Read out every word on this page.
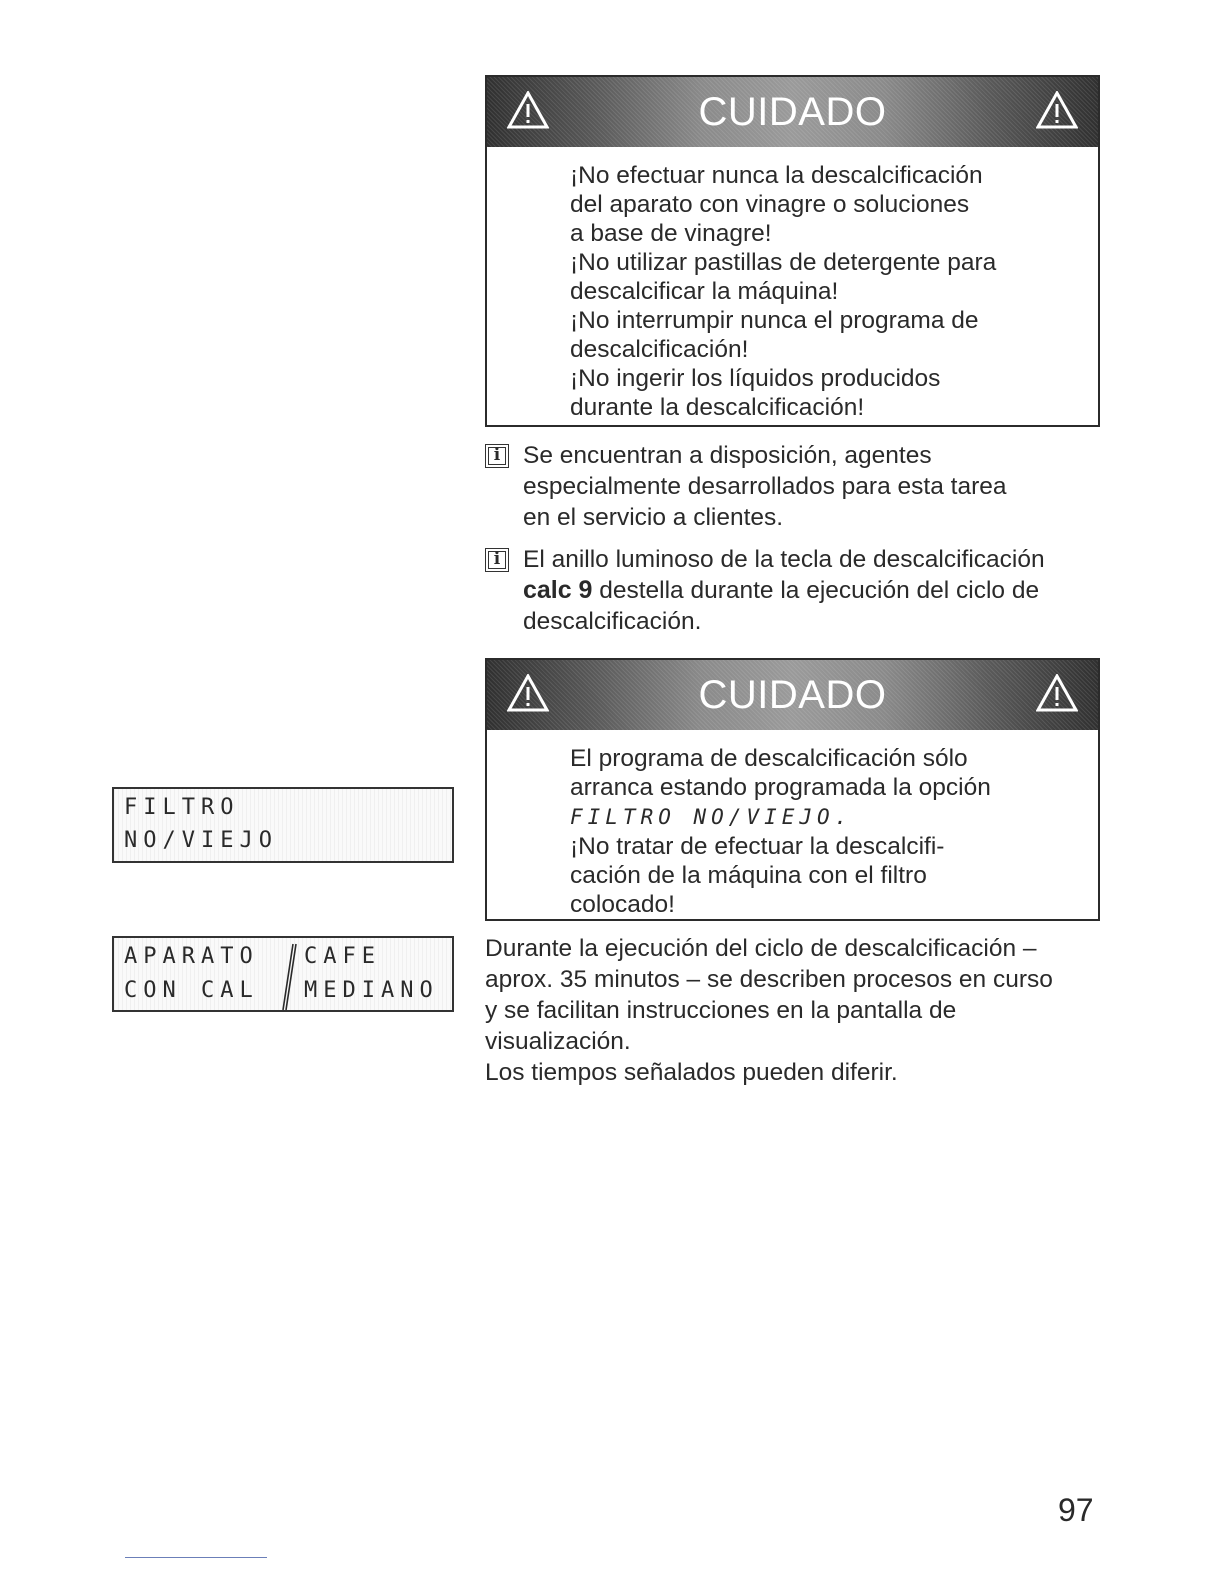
CUIDADO

¡No efectuar nunca la descalcificación

del aparato con vinagre o soluciones

a base de vinagre!

¡No utilizar pastillas de detergente para

descalcificar la máquina!

¡No interrumpir nunca el programa de

descalcificación!

¡No ingerir los líquidos producidos

durante la descalcificación!

i Se encuentran a disposición, agentes
especialmente desarrollados para esta tarea
en el servicio a clientes.
i El anillo luminoso de la tecla de descalcificación
calc 9 destella durante la ejecución del ciclo de
descalcificación.
CUIDADO

El programa de descalcificación sólo

arranca estando programada la opción

FILTRO NO/VIEJO.

¡No tratar de efectuar la descalcifi-

cación de la máquina con el filtro

colocado!

Durante la ejecución del ciclo de descalcificación –

aprox. 35 minutos – se describen procesos en curso

y se facilitan instrucciones en la pantalla de

visualización.

Los tiempos señalados pueden diferir.

FILTRO
NO/VIEJO
APARATO
CON CAL
CAFE
MEDIANO
97
